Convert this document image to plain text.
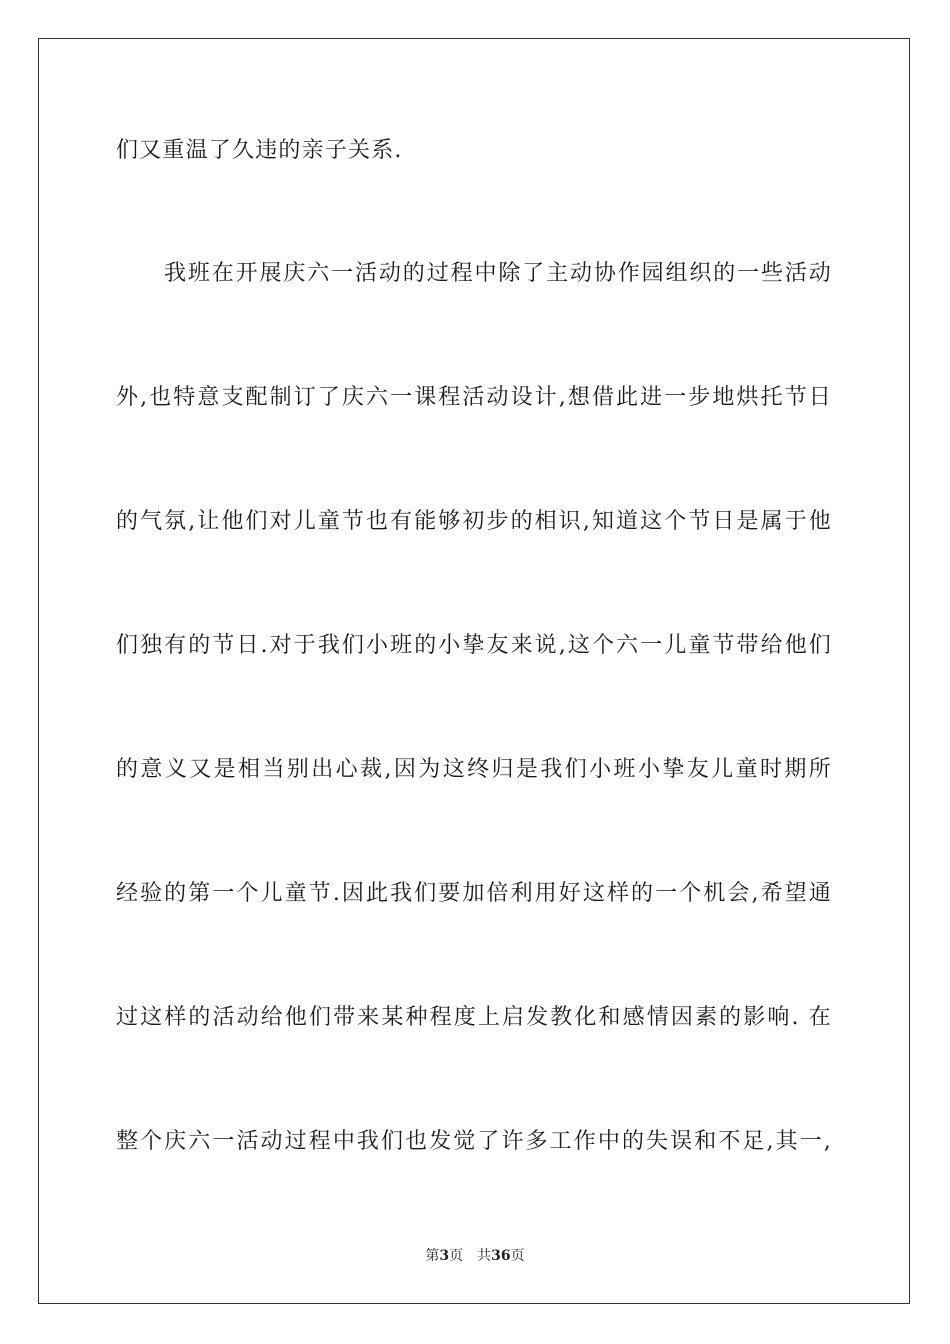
们又重温了久违的亲子关系.
我班在开展庆六一活动的过程中除了主动协作园组织的一些活动
外,也特意支配制订了庆六一课程活动设计,想借此进一步地烘托节日
的气氛,让他们对儿童节也有能够初步的相识,知道这个节日是属于他
们独有的节日.对于我们小班的小挚友来说,这个六一儿童节带给他们
的意义又是相当别出心裁,因为这终归是我们小班小挚友儿童时期所
经验的第一个儿童节.因此我们要加倍利用好这样的一个机会,希望通
过这样的活动给他们带来某种程度上启发教化和感情因素的影响. 在
整个庆六一活动过程中我们也发觉了许多工作中的失误和不足,其一,
第3页 共36页
